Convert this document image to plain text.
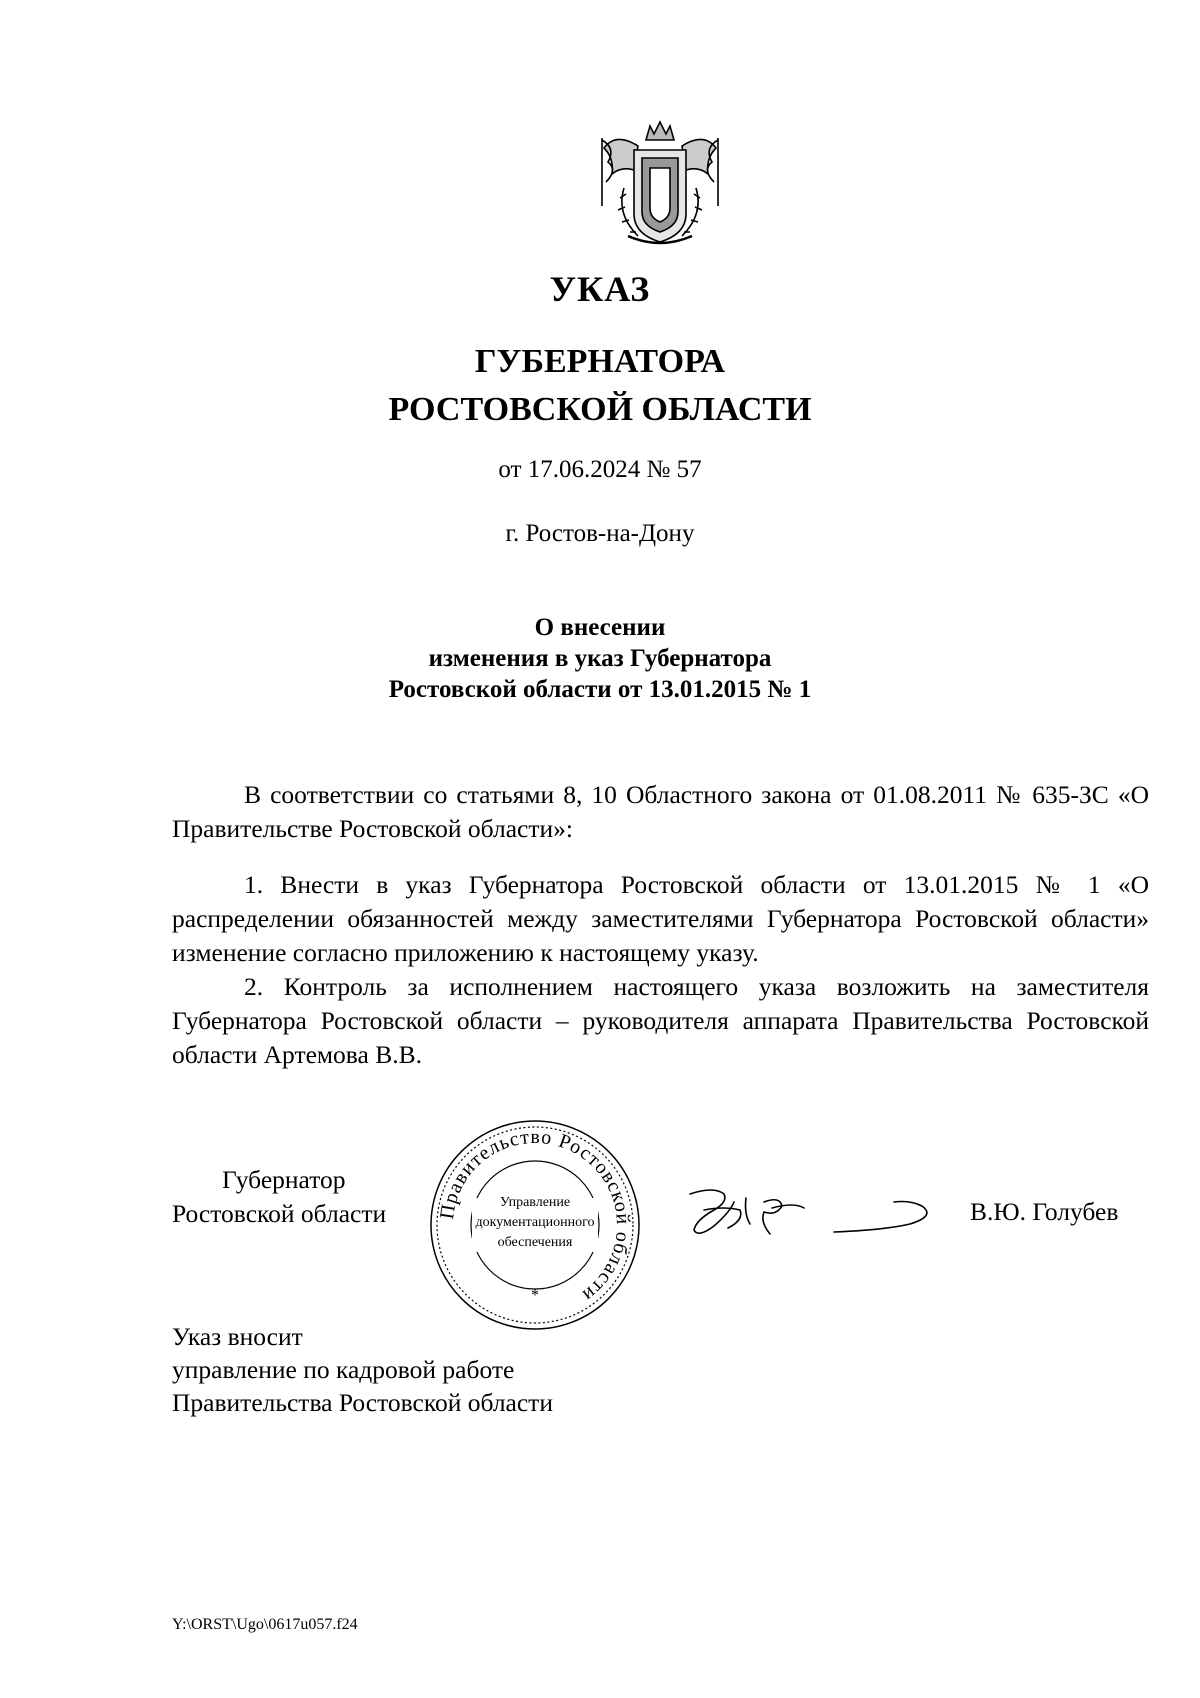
УКАЗ
ГУБЕРНАТОРА
РОСТОВСКОЙ ОБЛАСТИ
от 17.06.2024 № 57
г. Ростов-на-Дону
О внесении
изменения в указ Губернатора
Ростовской области от 13.01.2015 № 1

В соответствии со статьями 8, 10 Областного закона от 01.08.2011 № 635-ЗС «О Правительстве Ростовской области»:

1. Внести в указ Губернатора Ростовской области от 13.01.2015 № 1 «О распределении обязанностей между заместителями Губернатора Ростовской области» изменение согласно приложению к настоящему указу.

2. Контроль за исполнением настоящего указа возложить на заместителя Губернатора Ростовской области – руководителя аппарата Правительства Ростовской области Артемова В.В.

Губернатор
Ростовской области	Правительство Ростовской области
Управление
документационного
обеспечения
*
В.Ю. Голубев
Указ вносит
управление по кадровой работе
Правительства Ростовской области
Y:\ORST\Ugo\0617u057.f24
